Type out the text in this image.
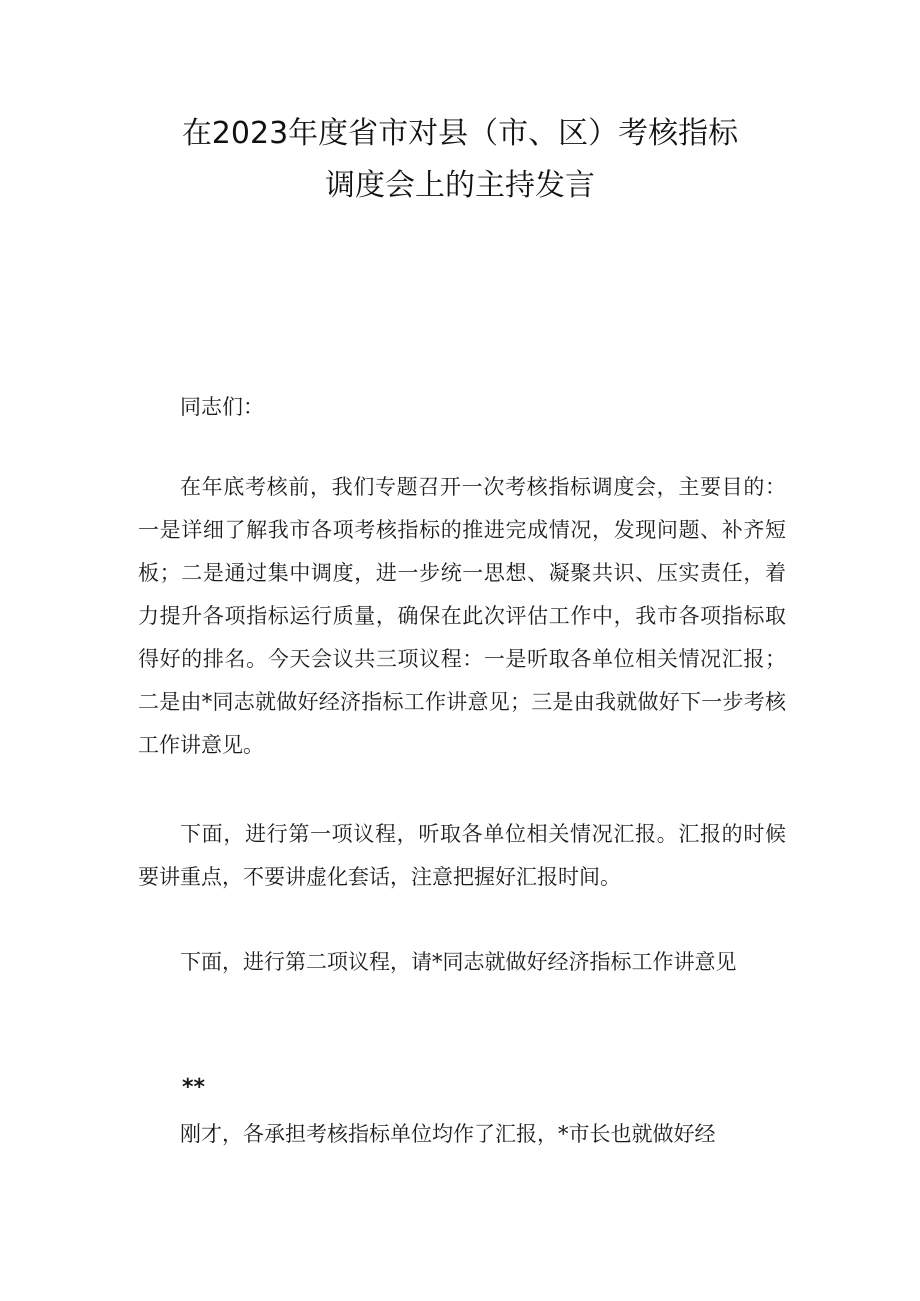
在2023年度省市对县（市、区）考核指标
调度会上的主持发言

同志们：

在年底考核前，我们专题召开一次考核指标调度会，主要目的：一是详细了解我市各项考核指标的推进完成情况，发现问题、补齐短板；二是通过集中调度，进一步统一思想、凝聚共识、压实责任，着力提升各项指标运行质量，确保在此次评估工作中，我市各项指标取得好的排名。今天会议共三项议程：一是听取各单位相关情况汇报；二是由*同志就做好经济指标工作讲意见；三是由我就做好下一步考核工作讲意见。

下面，进行第一项议程，听取各单位相关情况汇报。汇报的时候要讲重点，不要讲虚化套话，注意把握好汇报时间。

下面，进行第二项议程，请*同志就做好经济指标工作讲意见

**

刚才，各承担考核指标单位均作了汇报，*市长也就做好经
